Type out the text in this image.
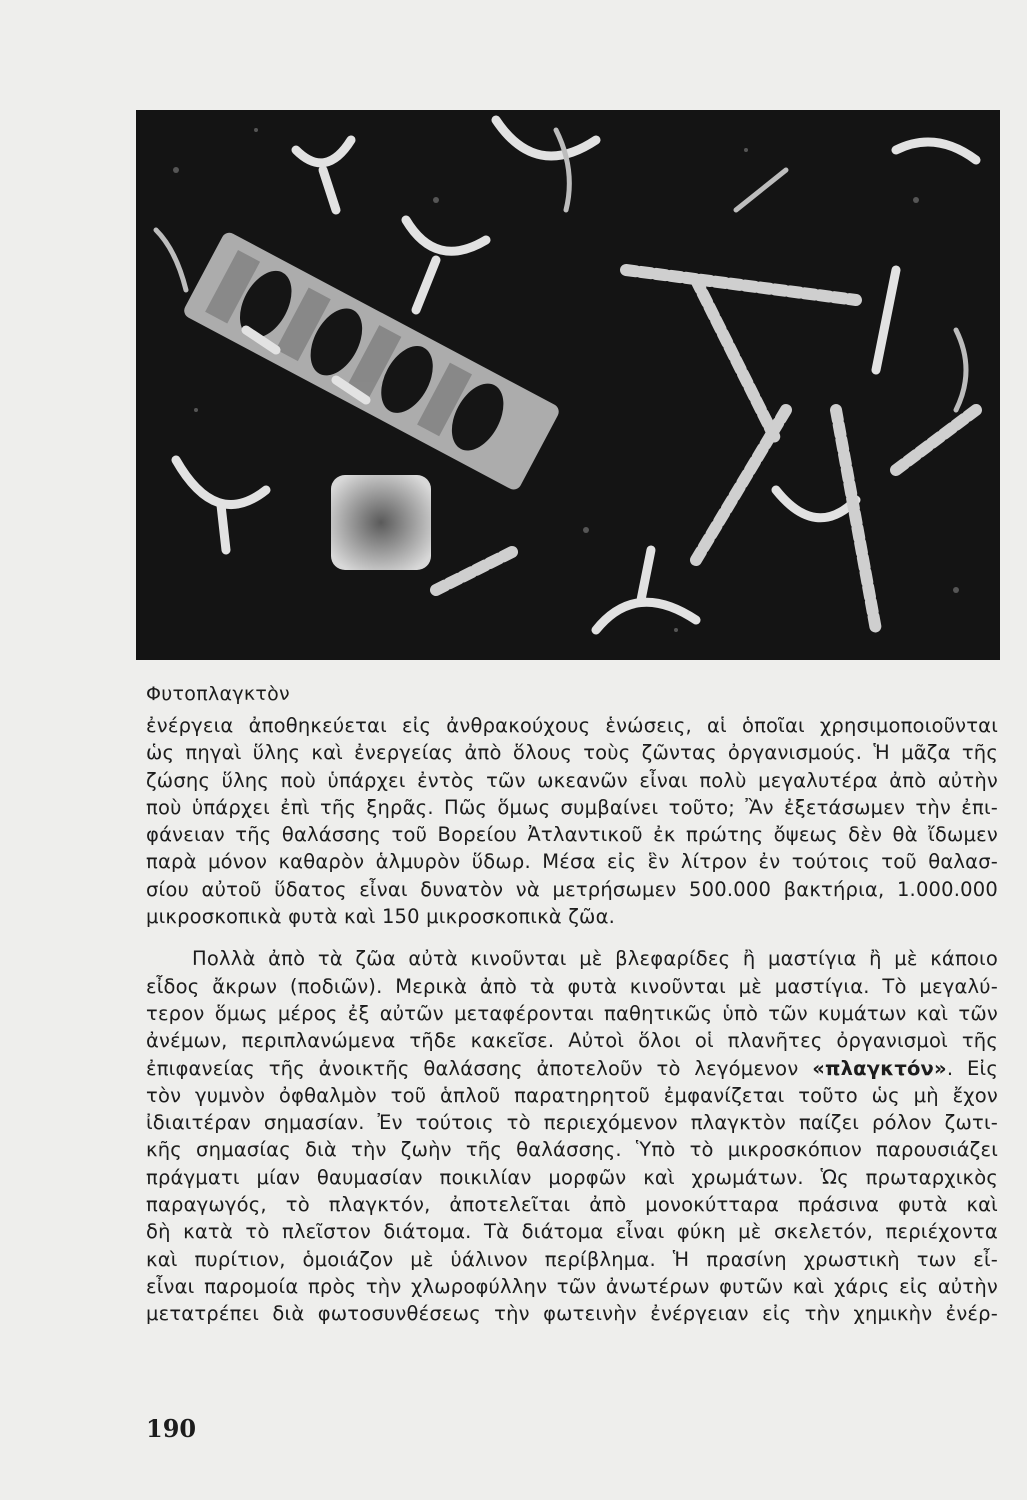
Φυτοπλαγκτὸν

ἐνέργεια ἀποθηκεύεται εἰς ἀνθρακούχους ἑνώσεις, αἱ ὁποῖαι χρησιμοποιοῦνται
ὡς πηγαὶ ὕλης καὶ ἐνεργείας ἀπὸ ὅλους τοὺς ζῶντας ὀργανισμούς. Ἡ μᾶζα τῆς
ζώσης ὕλης ποὺ ὑπάρχει ἐντὸς τῶν ωκεανῶν εἶναι πολὺ μεγαλυτέρα ἀπὸ αὐτὴν
ποὺ ὑπάρχει ἐπὶ τῆς ξηρᾶς. Πῶς ὅμως συμβαίνει τοῦτο; Ἂν ἐξετάσωμεν τὴν ἐπι-
φάνειαν τῆς θαλάσσης τοῦ Βορείου Ἀτλαντικοῦ ἐκ πρώτης ὄψεως δὲν θὰ ἴδωμεν
παρὰ μόνον καθαρὸν ἁλμυρὸν ὕδωρ. Μέσα εἰς ἓν λίτρον ἐν τούτοις τοῦ θαλασ-
σίου αὐτοῦ ὕδατος εἶναι δυνατὸν νὰ μετρήσωμεν 500.000 βακτήρια, 1.000.000
μικροσκοπικὰ φυτὰ καὶ 150 μικροσκοπικὰ ζῶα.

Πολλὰ ἀπὸ τὰ ζῶα αὐτὰ κινοῦνται μὲ βλεφαρίδες ἢ μαστίγια ἢ μὲ κάποιο
εἶδος ἄκρων (ποδιῶν). Μερικὰ ἀπὸ τὰ φυτὰ κινοῦνται μὲ μαστίγια. Τὸ μεγαλύ-
τερον ὅμως μέρος ἐξ αὐτῶν μεταφέρονται παθητικῶς ὑπὸ τῶν κυμάτων καὶ τῶν
ἀνέμων, περιπλανώμενα τῆδε κακεῖσε. Αὐτοὶ ὅλοι οἱ πλανῆτες ὀργανισμοὶ τῆς
ἐπιφανείας τῆς ἀνοικτῆς θαλάσσης ἀποτελοῦν τὸ λεγόμενον «πλαγκτόν». Εἰς
τὸν γυμνὸν ὀφθαλμὸν τοῦ ἁπλοῦ παρατηρητοῦ ἐμφανίζεται τοῦτο ὡς μὴ ἔχον
ἰδιαιτέραν σημασίαν. Ἐν τούτοις τὸ περιεχόμενον πλαγκτὸν παίζει ρόλον ζωτι-
κῆς σημασίας διὰ τὴν ζωὴν τῆς θαλάσσης. Ὑπὸ τὸ μικροσκόπιον παρουσιάζει
πράγματι μίαν θαυμασίαν ποικιλίαν μορφῶν καὶ χρωμάτων. Ὡς πρωταρχικὸς
παραγωγός, τὸ πλαγκτόν, ἀποτελεῖται ἀπὸ μονοκύτταρα πράσινα φυτὰ καὶ
δὴ κατὰ τὸ πλεῖστον διάτομα. Τὰ διάτομα εἶναι φύκη μὲ σκελετόν, περιέχοντα
καὶ πυρίτιον, ὁμοιάζον μὲ ὑάλινον περίβλημα. Ἡ πρασίνη χρωστικὴ των εἶ-
εἶναι παρομοία πρὸς τὴν χλωροφύλλην τῶν ἀνωτέρων φυτῶν καὶ χάρις εἰς αὐτὴν
μετατρέπει διὰ φωτοσυνθέσεως τὴν φωτεινὴν ἐνέργειαν εἰς τὴν χημικὴν ἐνέρ-

190
